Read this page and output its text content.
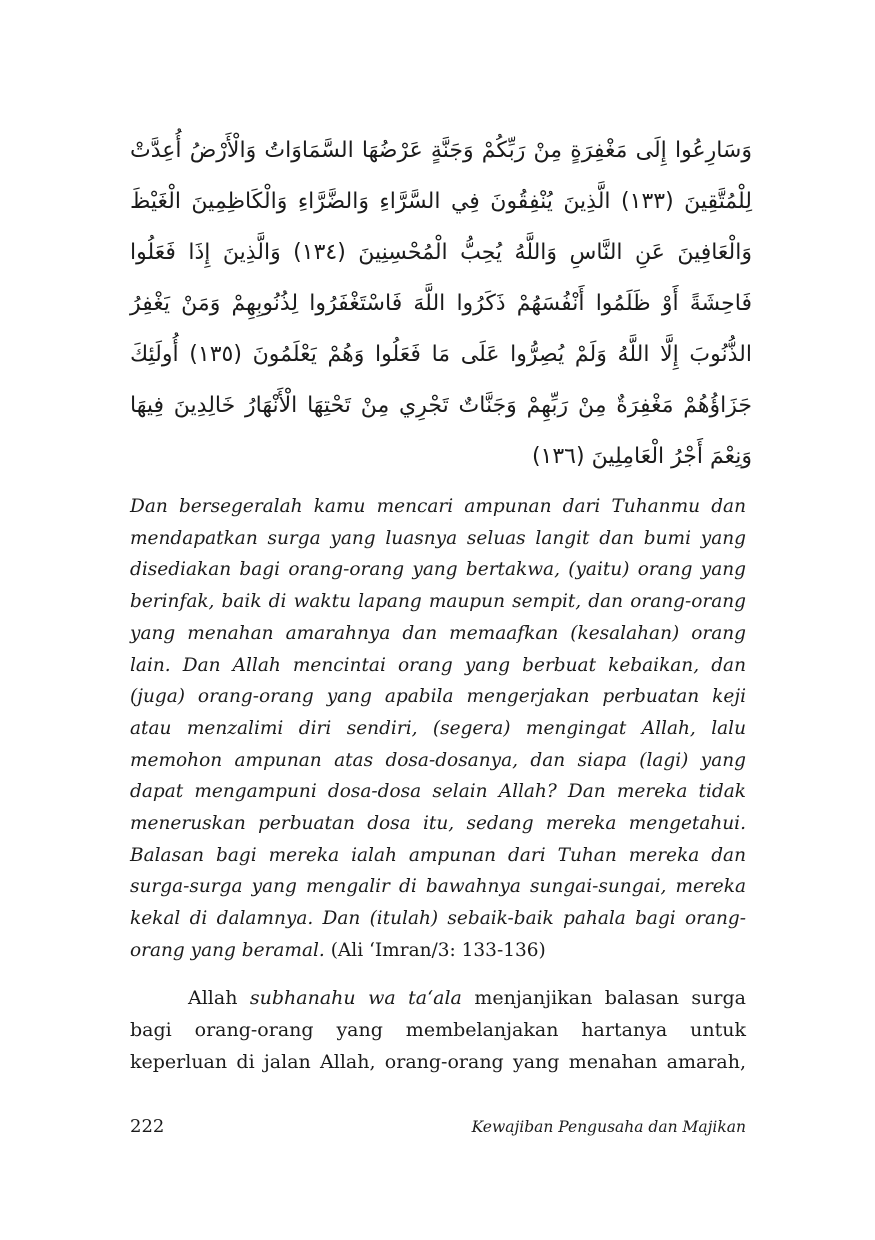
وَسَارِعُوا إِلَى مَغْفِرَةٍ مِنْ رَبِّكُمْ وَجَنَّةٍ عَرْضُهَا السَّمَاوَاتُ وَالْأَرْضُ أُعِدَّتْ
لِلْمُتَّقِينَ (١٣٣) الَّذِينَ يُنْفِقُونَ فِي السَّرَّاءِ وَالضَّرَّاءِ وَالْكَاظِمِينَ الْغَيْظَ
وَالْعَافِينَ عَنِ النَّاسِ وَاللَّهُ يُحِبُّ الْمُحْسِنِينَ (١٣٤) وَالَّذِينَ إِذَا فَعَلُوا
فَاحِشَةً أَوْ ظَلَمُوا أَنْفُسَهُمْ ذَكَرُوا اللَّهَ فَاسْتَغْفَرُوا لِذُنُوبِهِمْ وَمَنْ يَغْفِرُ
الذُّنُوبَ إِلَّا اللَّهُ وَلَمْ يُصِرُّوا عَلَى مَا فَعَلُوا وَهُمْ يَعْلَمُونَ (١٣٥) أُولَئِكَ
جَزَاؤُهُمْ مَغْفِرَةٌ مِنْ رَبِّهِمْ وَجَنَّاتٌ تَجْرِي مِنْ تَحْتِهَا الْأَنْهَارُ خَالِدِينَ فِيهَا
وَنِعْمَ أَجْرُ الْعَامِلِينَ (١٣٦)
Dan bersegeralah kamu mencari ampunan dari Tuhanmu dan
mendapatkan surga yang luasnya seluas langit dan bumi yang
disediakan bagi orang-orang yang bertakwa, (yaitu) orang yang
berinfak, baik di waktu lapang maupun sempit, dan orang-orang
yang menahan amarahnya dan memaafkan (kesalahan) orang
lain. Dan Allah mencintai orang yang berbuat kebaikan, dan
(juga) orang-orang yang apabila mengerjakan perbuatan keji
atau menzalimi diri sendiri, (segera) mengingat Allah, lalu
memohon ampunan atas dosa-dosanya, dan siapa (lagi) yang
dapat mengampuni dosa-dosa selain Allah? Dan mereka tidak
meneruskan perbuatan dosa itu, sedang mereka mengetahui.
Balasan bagi mereka ialah ampunan dari Tuhan mereka dan
surga-surga yang mengalir di bawahnya sungai-sungai, mereka
kekal di dalamnya. Dan (itulah) sebaik-baik pahala bagi orang-
orang yang beramal. (Ali ‘Imran/3: 133-136)
Allah subhanahu wa ta‘ala menjanjikan balasan surga
bagi orang-orang yang membelanjakan hartanya untuk
keperluan di jalan Allah, orang-orang yang menahan amarah,
222	Kewajiban Pengusaha dan Majikan
